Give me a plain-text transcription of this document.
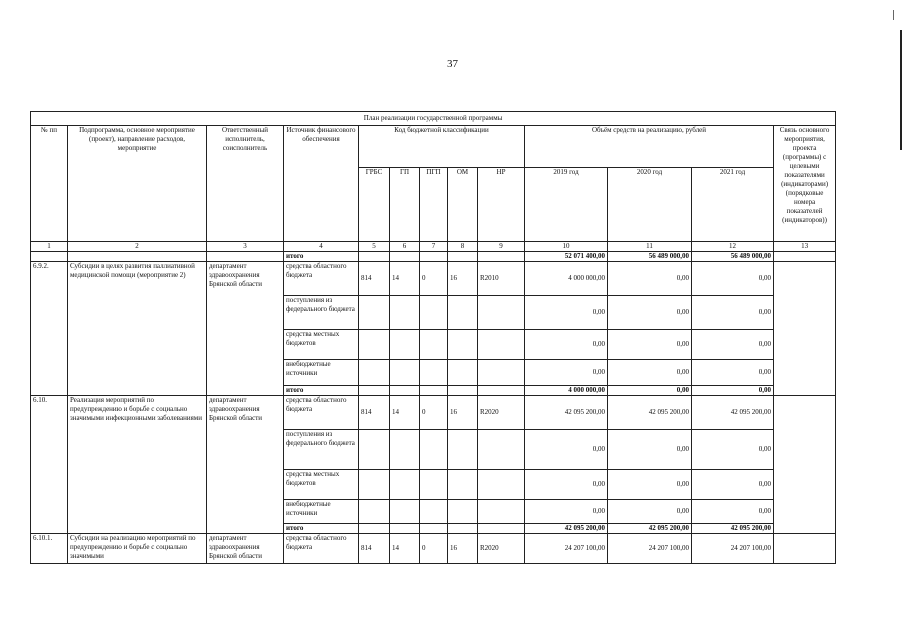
37
План реализации государственной программы												
№ пп	Подпрограмма, основное мероприятие (проект), направление расходов, мероприятие	Ответственный исполнитель, соисполнитель	Источник финансового обеспечения	Код бюджетной классификации					Объём средств на реализацию, рублей			Связь основного мероприятия, проекта (программы) с целевыми показателями (индикаторами) (порядковые номера показателей (индикаторов))
				ГРБС	ГП	ПГП	ОМ	НР	2019 год	2020 год	2021 год	
1	2	3	4	5	6	7	8	9	10	11	12	13
			итого						52 071 400,00	56 489 000,00	56 489 000,00	
6.9.2.	Субсидии в целях развития паллиативной медицинской помощи (мероприятие 2)	департамент здравоохранения Брянской области	средства областного бюджета	814	14	0	16	R2010	4 000 000,00	0,00	0,00	
			поступления из федерального бюджета						0,00	0,00	0,00	
			средства местных бюджетов						0,00	0,00	0,00	
			внебюджетные источники						0,00	0,00	0,00	
			итого						4 000 000,00	0,00	0,00	
6.10.	Реализация мероприятий по предупреждению и борьбе с социально значимыми инфекционными заболеваниями	департамент здравоохранения Брянской области	средства областного бюджета	814	14	0	16	R2020	42 095 200,00	42 095 200,00	42 095 200,00	
			поступления из федерального бюджета						0,00	0,00	0,00	
			средства местных бюджетов						0,00	0,00	0,00	
			внебюджетные источники						0,00	0,00	0,00	
			итого						42 095 200,00	42 095 200,00	42 095 200,00	
6.10.1.	Субсидии на реализацию мероприятий по предупреждению и борьбе с социально значимыми	департамент здравоохранения Брянской области	средства областного бюджета	814	14	0	16	R2020	24 207 100,00	24 207 100,00	24 207 100,00	
